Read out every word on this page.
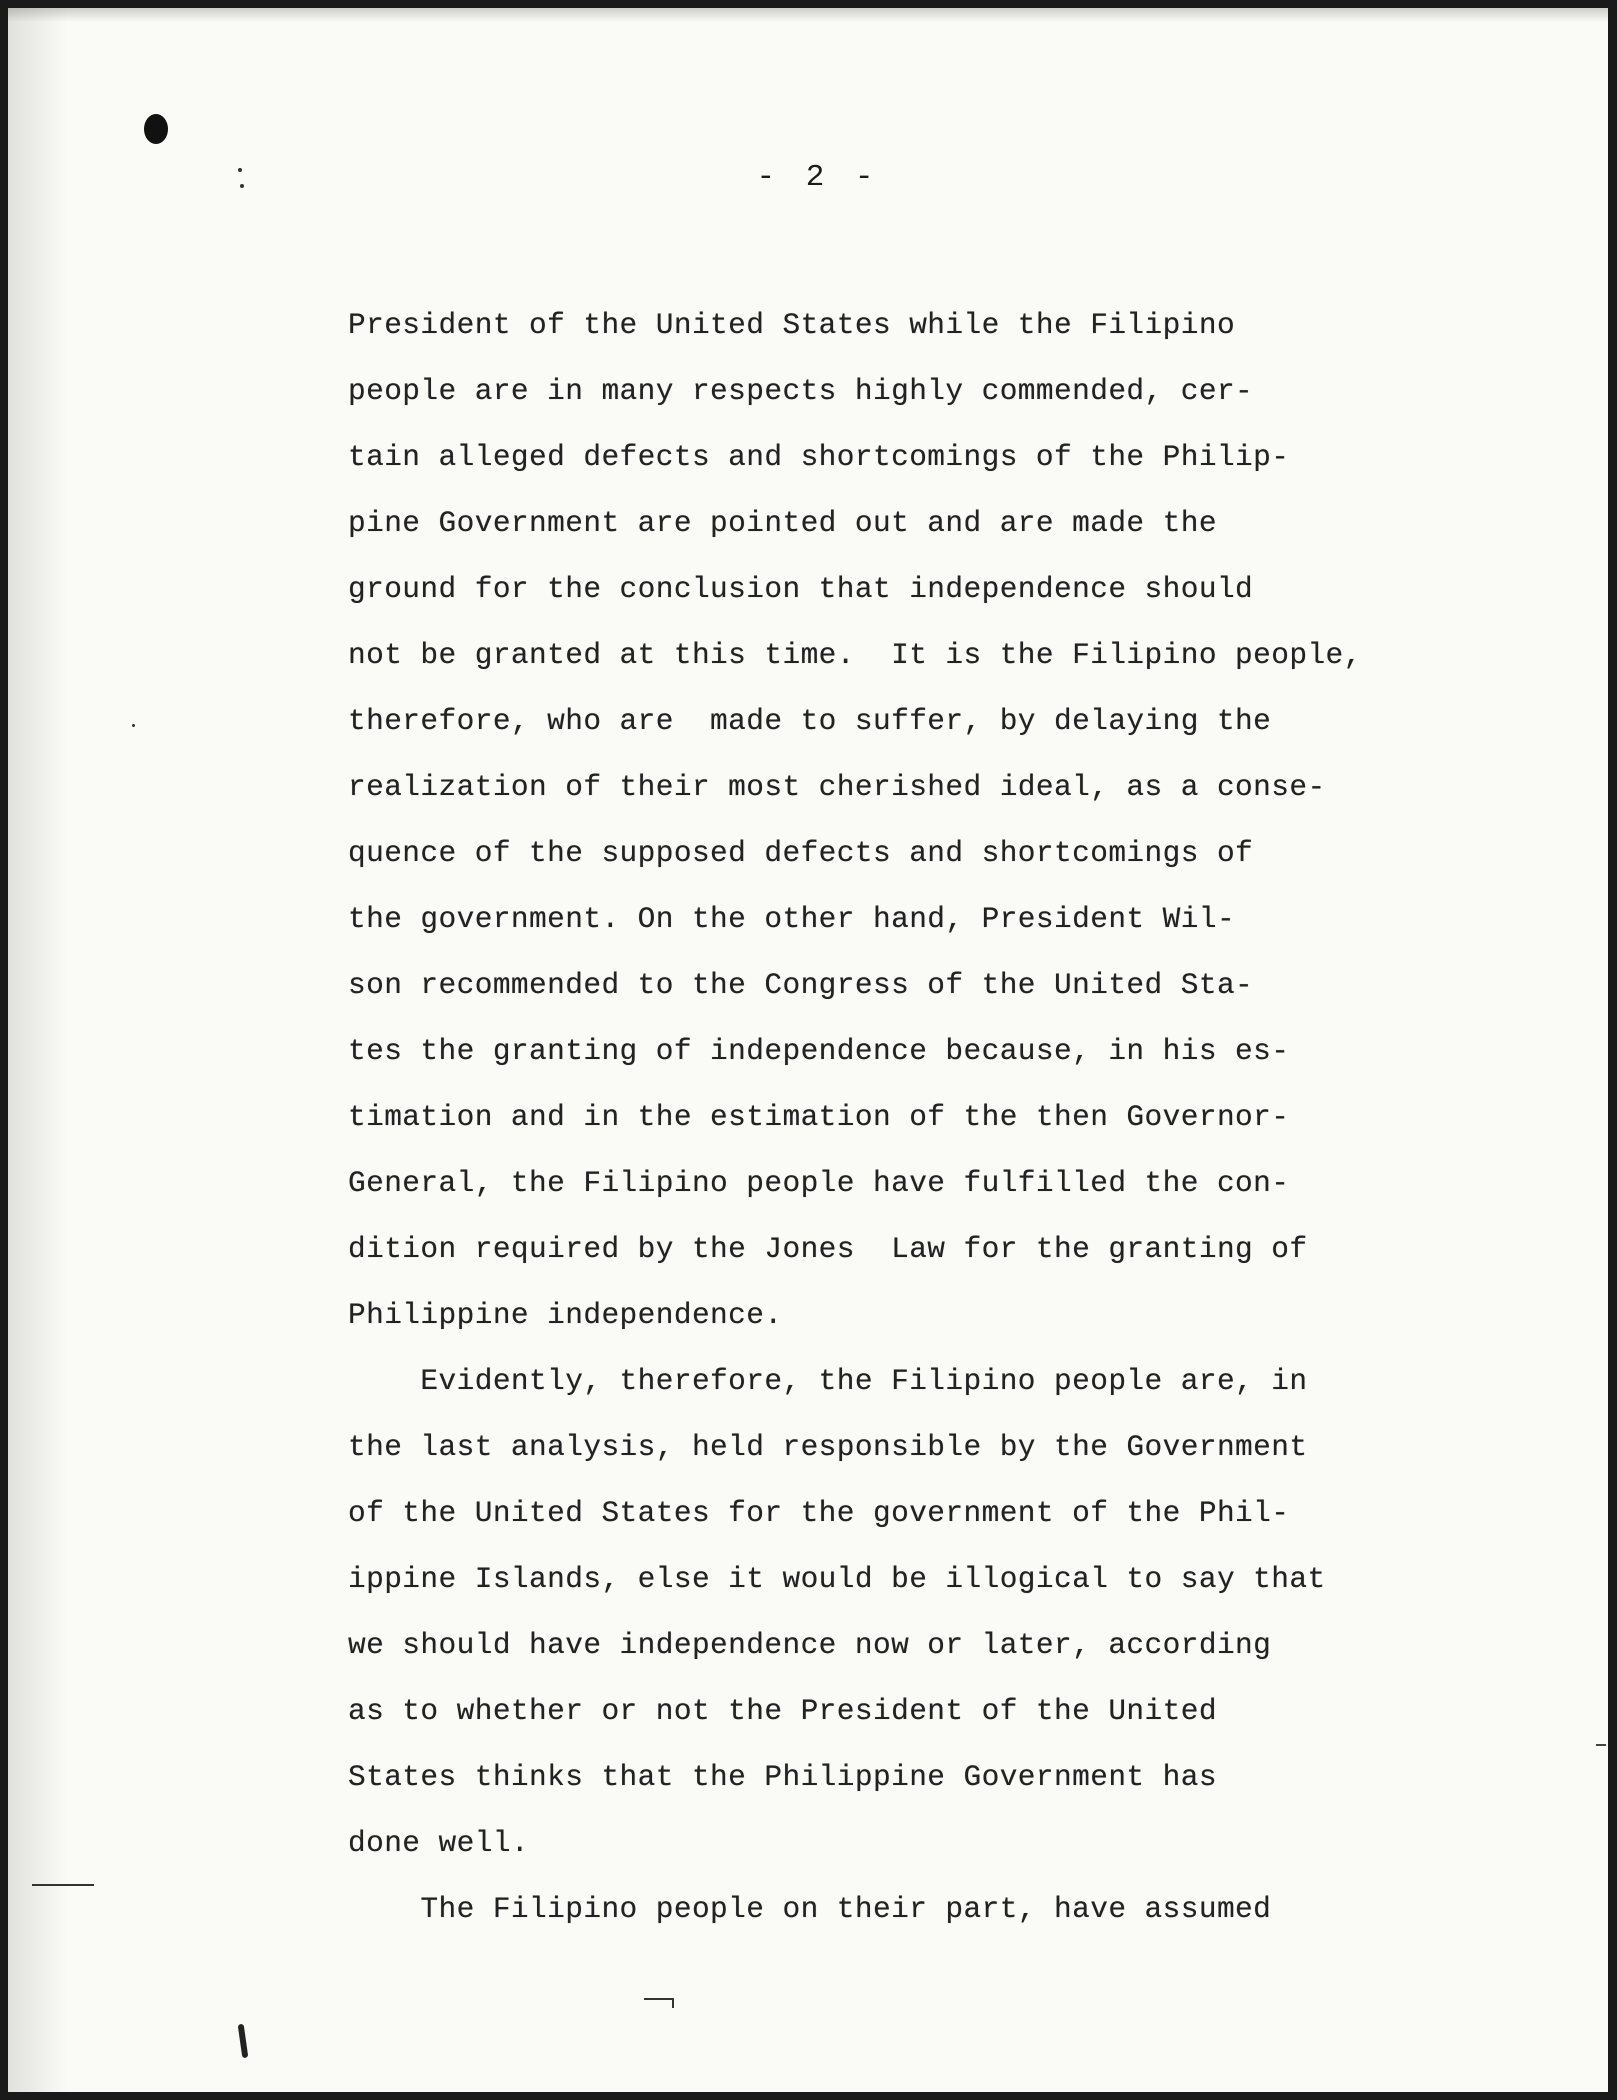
- 2 -
President of the United States while the Filipino
people are in many respects highly commended, cer-
tain alleged defects and shortcomings of the Philip-
pine Government are pointed out and are made the
ground for the conclusion that independence should
not be granted at this time.  It is the Filipino people,
therefore, who are  made to suffer, by delaying the
realization of their most cherished ideal, as a conse-
quence of the supposed defects and shortcomings of
the government. On the other hand, President Wil-
son recommended to the Congress of the United Sta-
tes the granting of independence because, in his es-
timation and in the estimation of the then Governor-
General, the Filipino people have fulfilled the con-
dition required by the Jones  Law for the granting of
Philippine independence.
Evidently, therefore, the Filipino people are, in
the last analysis, held responsible by the Government
of the United States for the government of the Phil-
ippine Islands, else it would be illogical to say that
we should have independence now or later, according
as to whether or not the President of the United
States thinks that the Philippine Government has
done well.
The Filipino people on their part, have assumed
